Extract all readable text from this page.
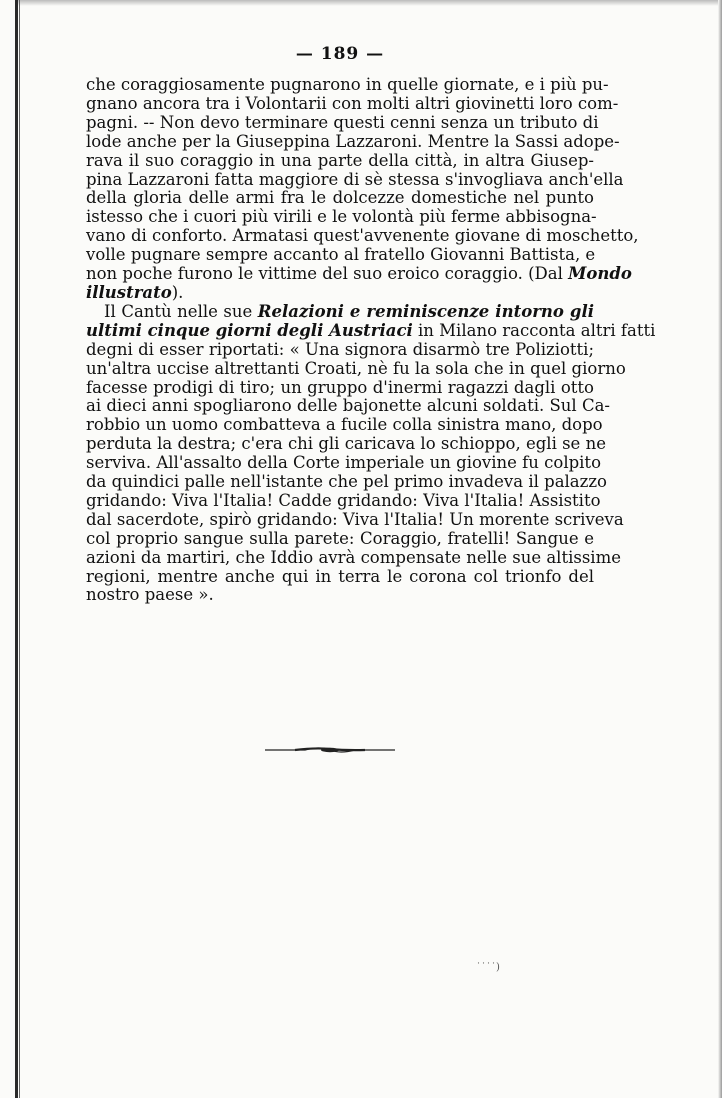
— 189 —
che coraggiosamente pugnarono in quelle giornate, e i più pu-
gnano ancora tra i Volontarii con molti altri giovinetti loro com-
pagni. -- Non devo terminare questi cenni senza un tributo di
lode anche per la Giuseppina Lazzaroni. Mentre la Sassi adope-
rava il suo coraggio in una parte della città, in altra Giusep-
pina Lazzaroni fatta maggiore di sè stessa s'invogliava anch'ella
della gloria delle armi fra le dolcezze domestiche nel punto
istesso che i cuori più virili e le volontà più ferme abbisogna-
vano di conforto. Armatasi quest'avvenente giovane di moschetto,
volle pugnare sempre accanto al fratello Giovanni Battista, e
non poche furono le vittime del suo eroico coraggio. (Dal Mondo
illustrato).
Il Cantù nelle sue Relazioni e reminiscenze intorno gli
ultimi cinque giorni degli Austriaci in Milano racconta altri fatti
degni di esser riportati: « Una signora disarmò tre Poliziotti;
un'altra uccise altrettanti Croati, nè fu la sola che in quel giorno
facesse prodigi di tiro; un gruppo d'inermi ragazzi dagli otto
ai dieci anni spogliarono delle bajonette alcuni soldati. Sul Ca-
robbio un uomo combatteva a fucile colla sinistra mano, dopo
perduta la destra; c'era chi gli caricava lo schioppo, egli se ne
serviva. All'assalto della Corte imperiale un giovine fu colpito
da quindici palle nell'istante che pel primo invadeva il palazzo
gridando: Viva l'Italia! Cadde gridando: Viva l'Italia! Assistito
dal sacerdote, spirò gridando: Viva l'Italia! Un morente scriveva
col proprio sangue sulla parete: Coraggio, fratelli! Sangue e
azioni da martiri, che Iddio avrà compensate nelle sue altissime
regioni, mentre anche qui in terra le corona col trionfo del
nostro paese ».
˙˙˙˙)
